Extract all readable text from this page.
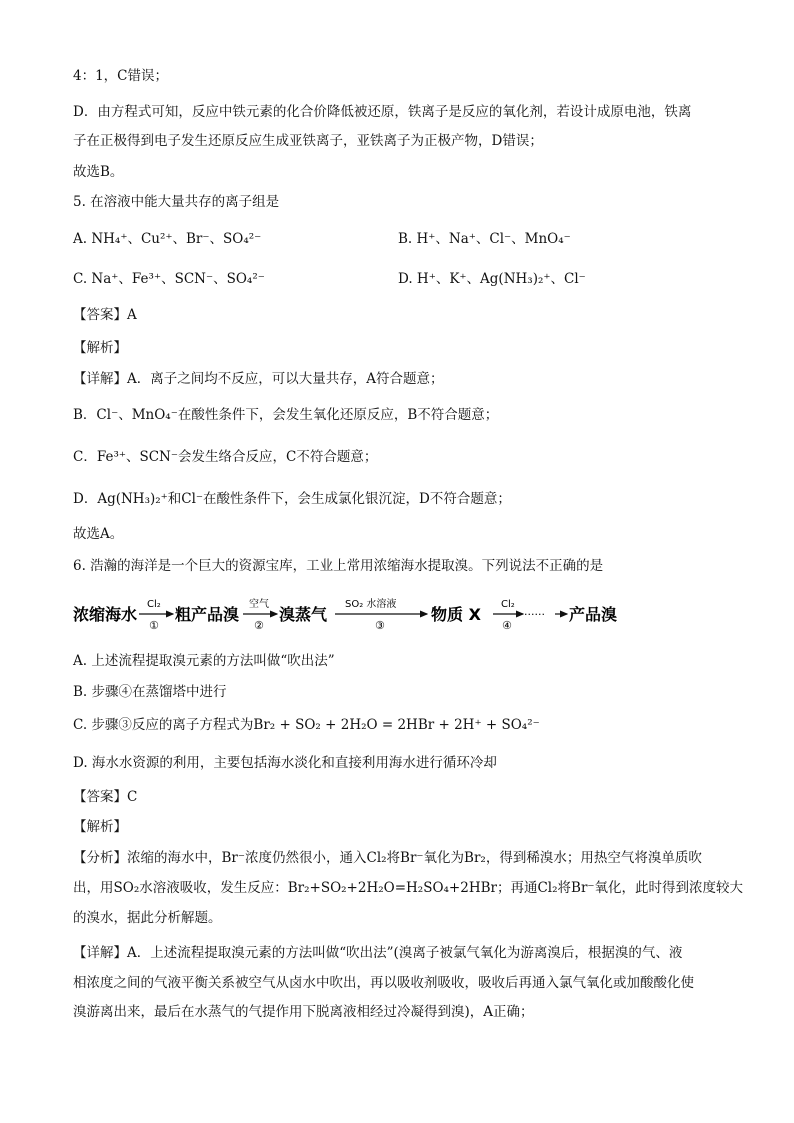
4：1，C错误；
D．由方程式可知，反应中铁元素的化合价降低被还原，铁离子是反应的氧化剂，若设计成原电池，铁离
子在正极得到电子发生还原反应生成亚铁离子，亚铁离子为正极产物，D错误；
故选B。
5. 在溶液中能大量共存的离子组是
A. NH₄⁺、Cu²⁺、Br⁻、SO₄²⁻	B. H⁺、Na⁺、Cl⁻、MnO₄⁻
C. Na⁺、Fe³⁺、SCN⁻、SO₄²⁻	D. H⁺、K⁺、Ag(NH₃)₂⁺、Cl⁻
【答案】A
【解析】
【详解】A．离子之间均不反应，可以大量共存，A符合题意；
B．Cl⁻、MnO₄⁻在酸性条件下，会发生氧化还原反应，B不符合题意；
C．Fe³⁺、SCN⁻会发生络合反应，C不符合题意；
D．Ag(NH₃)₂⁺和Cl⁻在酸性条件下，会生成氯化银沉淀，D不符合题意；
故选A。
6. 浩瀚的海洋是一个巨大的资源宝库，工业上常用浓缩海水提取溴。下列说法不正确的是
浓缩海水
Cl₂
①
粗产品溴
空气
②
溴蒸气
SO₂ 水溶液
③
物质 X
Cl₂
④
······ 产品溴
A. 上述流程提取溴元素的方法叫做“吹出法”
B. 步骤④在蒸馏塔中进行
C. 步骤③反应的离子方程式为Br₂ + SO₂ + 2H₂O = 2HBr + 2H⁺ + SO₄²⁻
D. 海水水资源的利用，主要包括海水淡化和直接利用海水进行循环冷却
【答案】C
【解析】
【分析】浓缩的海水中，Br⁻浓度仍然很小，通入Cl₂将Br⁻氧化为Br₂，得到稀溴水；用热空气将溴单质吹
出，用SO₂水溶液吸收，发生反应：Br₂+SO₂+2H₂O=H₂SO₄+2HBr；再通Cl₂将Br⁻氧化，此时得到浓度较大
的溴水，据此分析解题。
【详解】A．上述流程提取溴元素的方法叫做“吹出法”(溴离子被氯气氧化为游离溴后，根据溴的气、液
相浓度之间的气液平衡关系被空气从卤水中吹出，再以吸收剂吸收，吸收后再通入氯气氧化或加酸酸化使
溴游离出来，最后在水蒸气的气提作用下脱离液相经过冷凝得到溴)，A正确；
